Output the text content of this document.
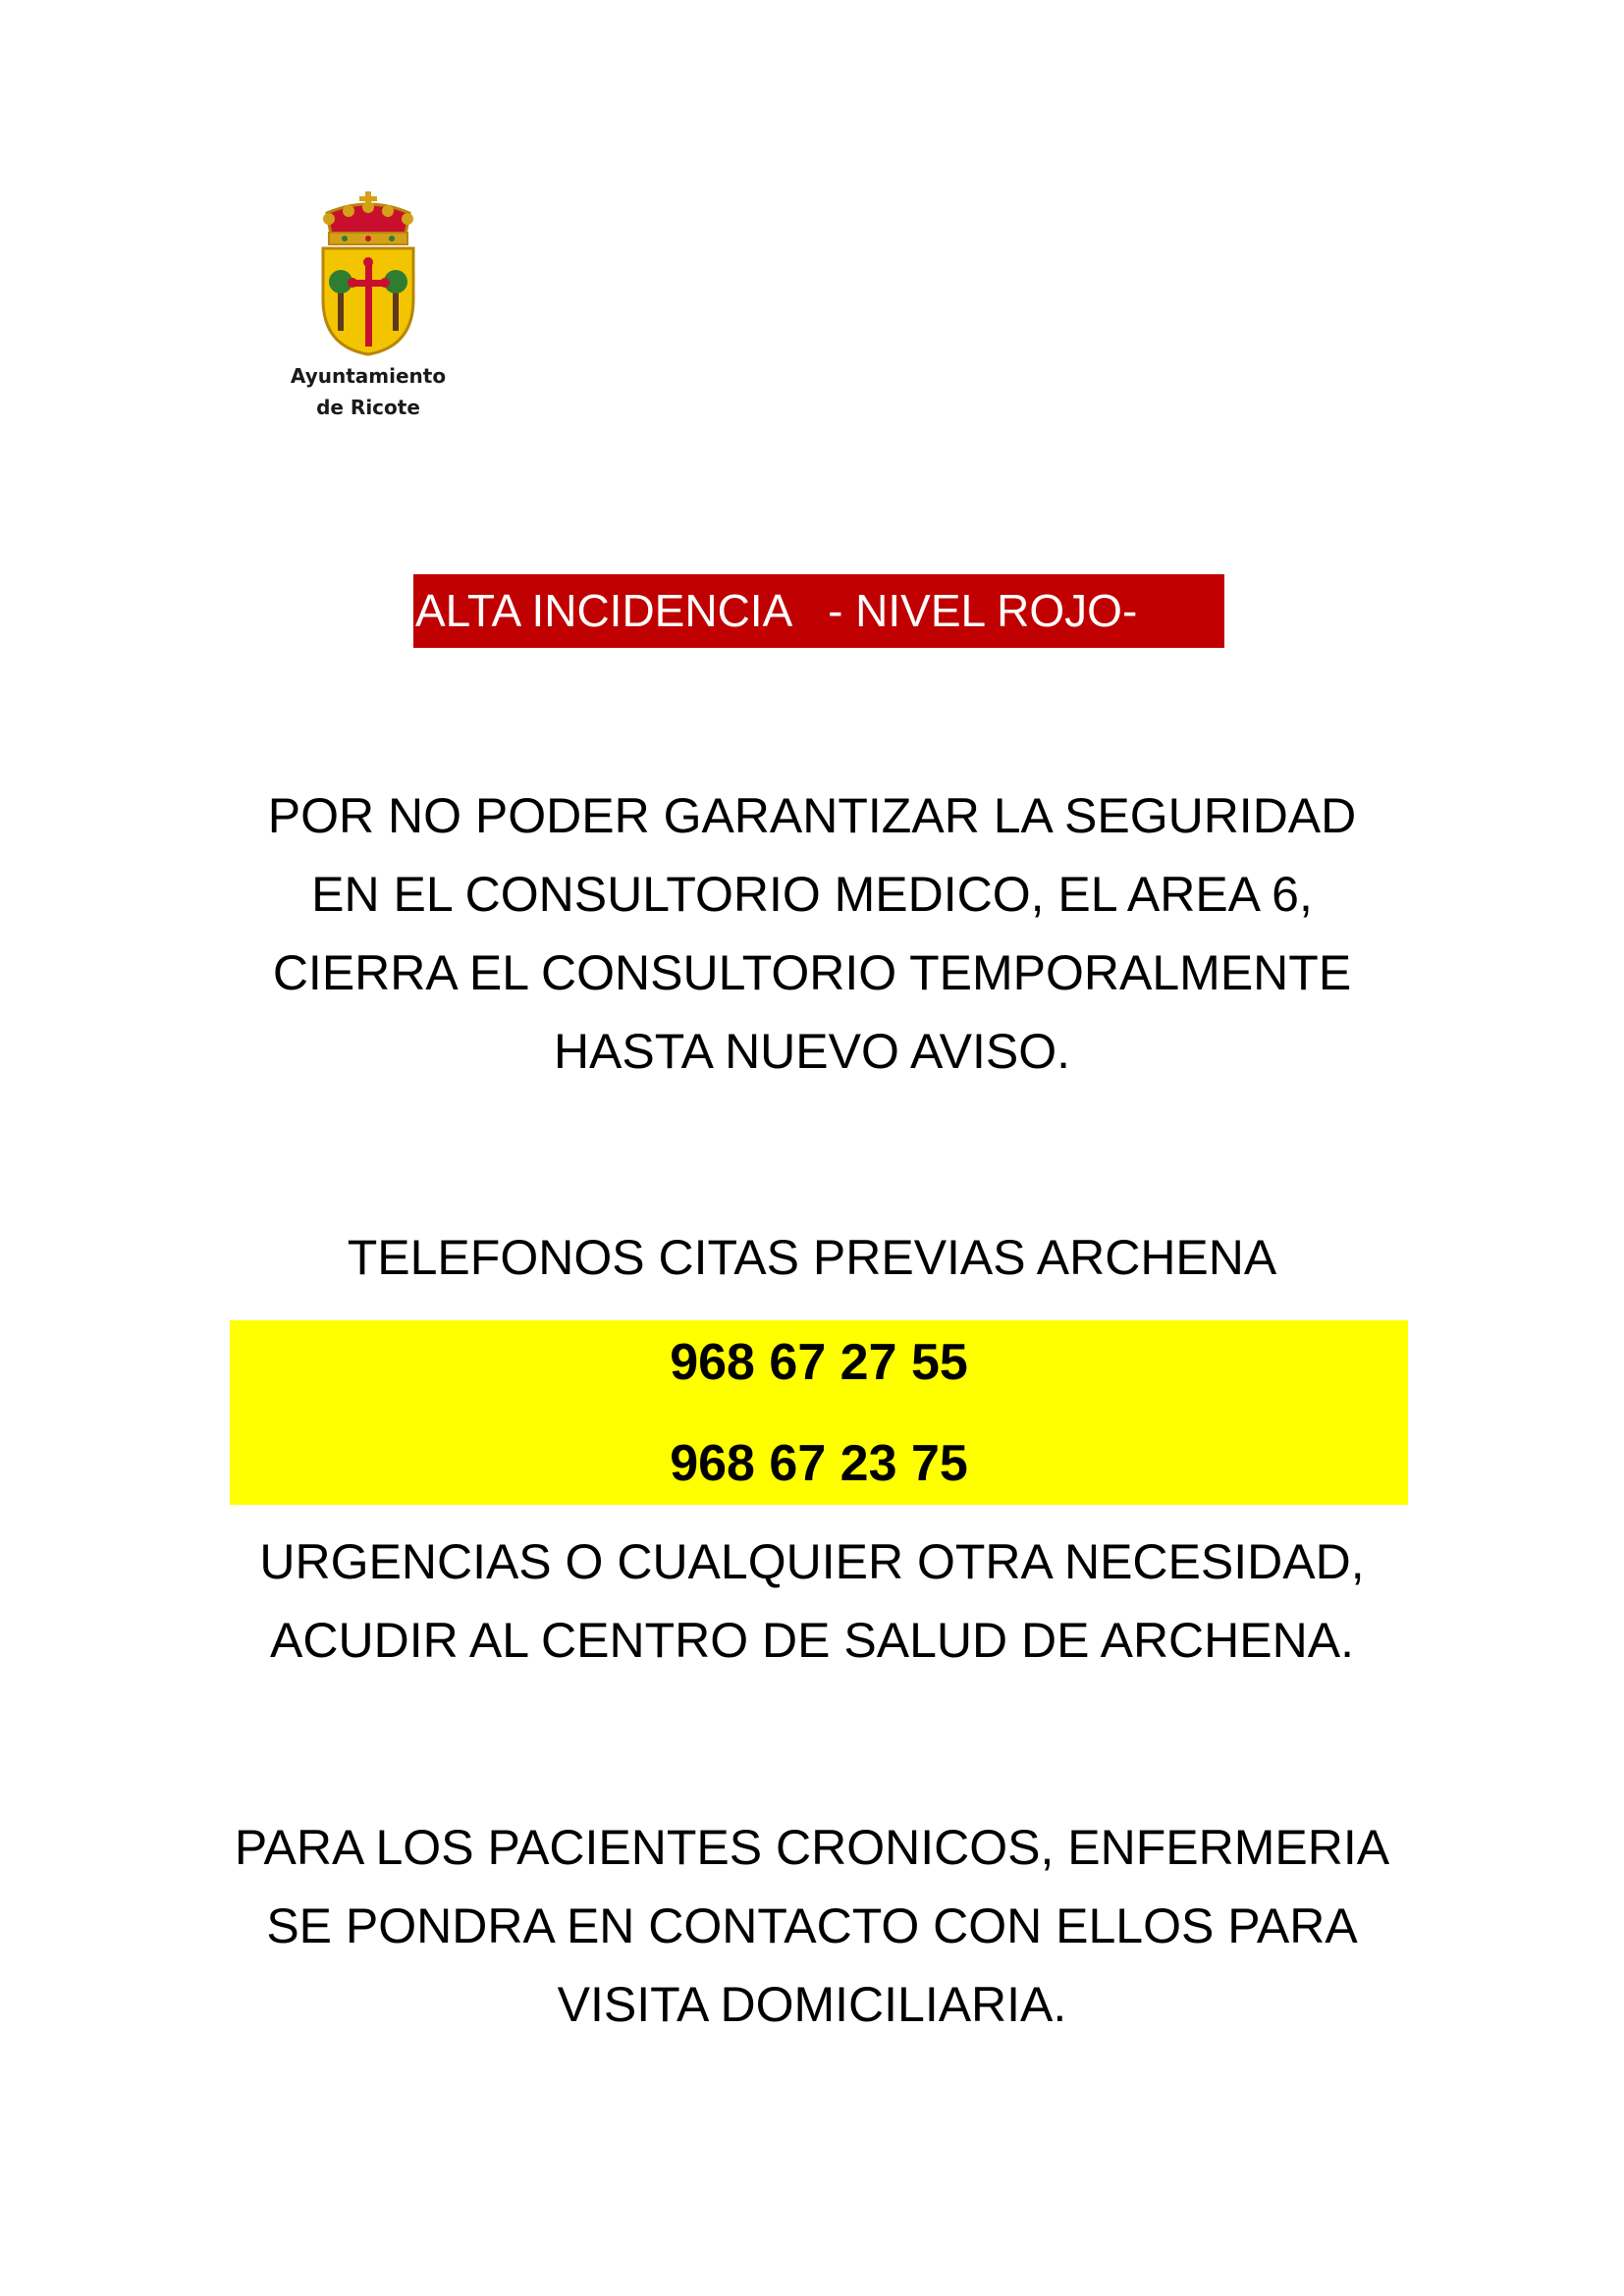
Ayuntamiento
de Ricote
ALTA INCIDENCIA   - NIVEL ROJO-
POR NO PODER GARANTIZAR LA SEGURIDAD
EN EL CONSULTORIO MEDICO, EL AREA 6,
CIERRA EL CONSULTORIO TEMPORALMENTE
HASTA NUEVO AVISO.
TELEFONOS CITAS PREVIAS ARCHENA
968 67 27 55
968 67 23 75
URGENCIAS O CUALQUIER OTRA NECESIDAD,
ACUDIR AL CENTRO DE SALUD DE ARCHENA.
PARA LOS PACIENTES CRONICOS, ENFERMERIA
SE PONDRA EN CONTACTO CON ELLOS PARA
VISITA DOMICILIARIA.
